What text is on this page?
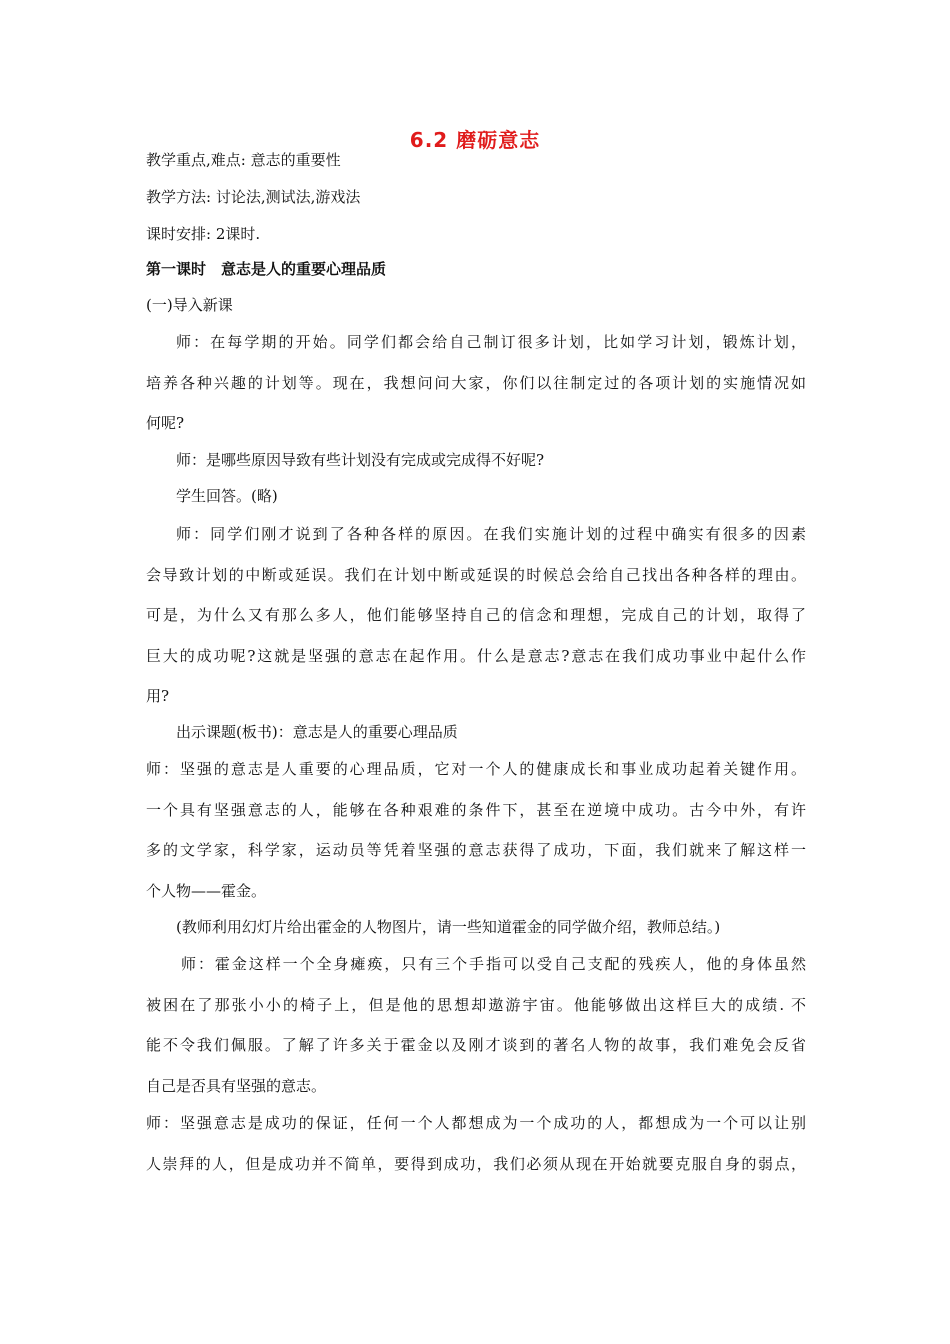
6.2 磨砺意志
教学重点,难点: 意志的重要性
教学方法: 讨论法,测试法,游戏法
课时安排: 2课时.
第一课时　意志是人的重要心理品质
(一)导入新课
师：在每学期的开始。同学们都会给自己制订很多计划，比如学习计划，锻炼计划，
培养各种兴趣的计划等。现在，我想问问大家，你们以往制定过的各项计划的实施情况如
何呢?
师：是哪些原因导致有些计划没有完成或完成得不好呢?
学生回答。(略)
师：同学们刚才说到了各种各样的原因。在我们实施计划的过程中确实有很多的因素
会导致计划的中断或延误。我们在计划中断或延误的时候总会给自己找出各种各样的理由。
可是，为什么又有那么多人，他们能够坚持自己的信念和理想，完成自己的计划，取得了
巨大的成功呢?这就是坚强的意志在起作用。什么是意志?意志在我们成功事业中起什么作
用?
出示课题(板书)：意志是人的重要心理品质
师：坚强的意志是人重要的心理品质，它对一个人的健康成长和事业成功起着关键作用。
一个具有坚强意志的人，能够在各种艰难的条件下，甚至在逆境中成功。古今中外，有许
多的文学家，科学家，运动员等凭着坚强的意志获得了成功，下面，我们就来了解这样一
个人物——霍金。
(教师利用幻灯片给出霍金的人物图片，请一些知道霍金的同学做介绍，教师总结。)
师：霍金这样一个全身瘫痪，只有三个手指可以受自己支配的残疾人，他的身体虽然
被困在了那张小小的椅子上，但是他的思想却遨游宇宙。他能够做出这样巨大的成绩. 不
能不令我们佩服。了解了许多关于霍金以及刚才谈到的著名人物的故事，我们难免会反省
自己是否具有坚强的意志。
师：坚强意志是成功的保证，任何一个人都想成为一个成功的人，都想成为一个可以让别
人崇拜的人，但是成功并不简单，要得到成功，我们必须从现在开始就要克服自身的弱点，
